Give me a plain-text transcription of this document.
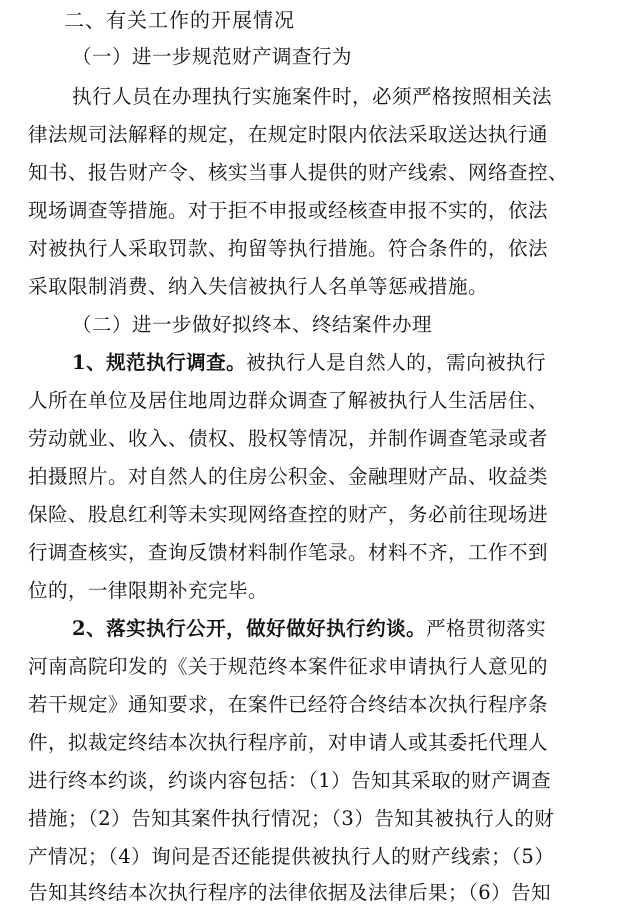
二、有关工作的开展情况
（一）进一步规范财产调查行为
执行人员在办理执行实施案件时，必须严格按照相关法
律法规司法解释的规定，在规定时限内依法采取送达执行通
知书、报告财产令、核实当事人提供的财产线索、网络查控、
现场调查等措施。对于拒不申报或经核查申报不实的，依法
对被执行人采取罚款、拘留等执行措施。符合条件的，依法
采取限制消费、纳入失信被执行人名单等惩戒措施。
（二）进一步做好拟终本、终结案件办理
1、规范执行调查。被执行人是自然人的，需向被执行
人所在单位及居住地周边群众调查了解被执行人生活居住、
劳动就业、收入、债权、股权等情况，并制作调查笔录或者
拍摄照片。对自然人的住房公积金、金融理财产品、收益类
保险、股息红利等未实现网络查控的财产，务必前往现场进
行调查核实，查询反馈材料制作笔录。材料不齐，工作不到
位的，一律限期补充完毕。
2、落实执行公开，做好做好执行约谈。严格贯彻落实
河南高院印发的《关于规范终本案件征求申请执行人意见的
若干规定》通知要求，在案件已经符合终结本次执行程序条
件，拟裁定终结本次执行程序前，对申请人或其委托代理人
进行终本约谈，约谈内容包括：（1）告知其采取的财产调查
措施；（2）告知其案件执行情况；（3）告知其被执行人的财
产情况；（4）询问是否还能提供被执行人的财产线索；（5）
告知其终结本次执行程序的法律依据及法律后果；（6）告知
